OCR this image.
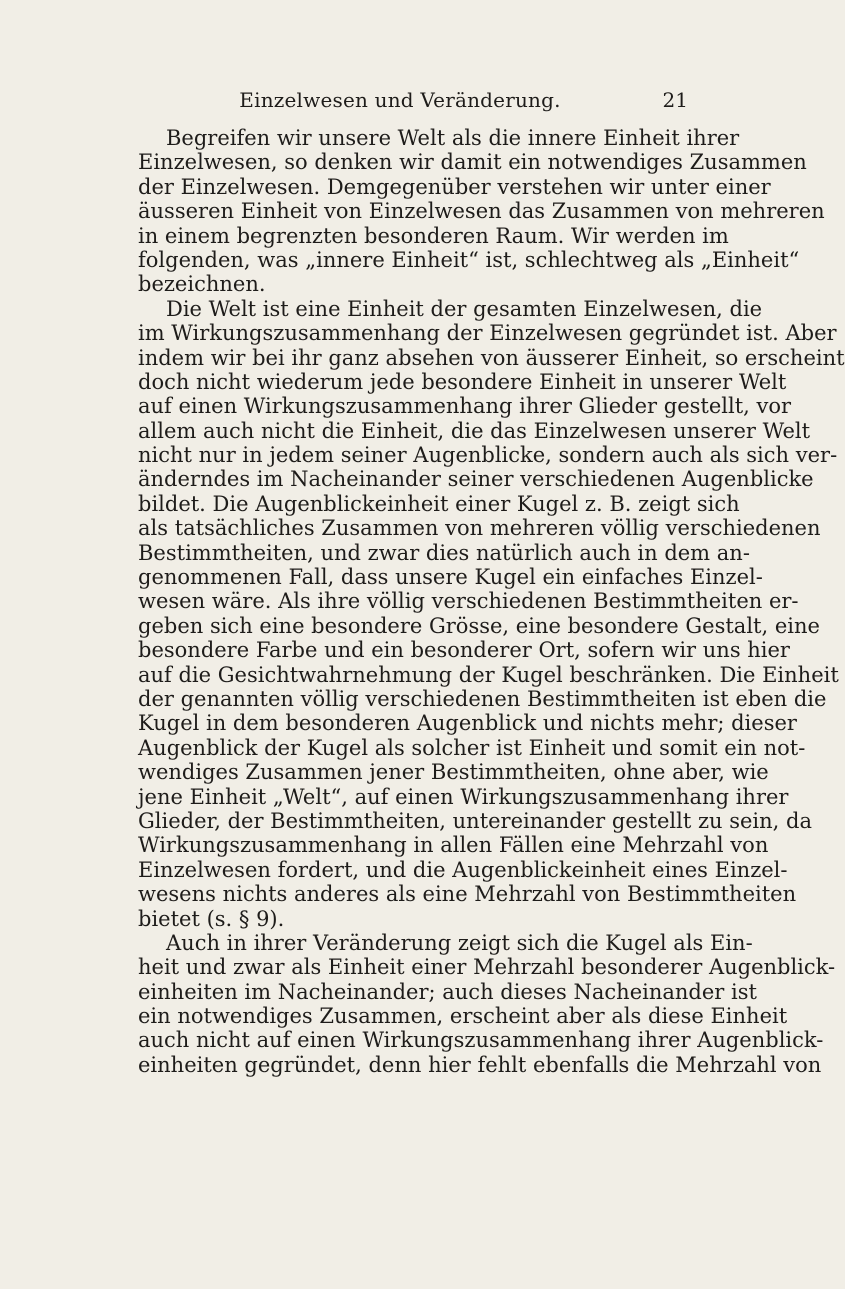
Einzelwesen und Veränderung.	21
Begreifen wir unsere Welt als die innere Einheit ihrer
Einzelwesen, so denken wir damit ein notwendiges Zusammen
der Einzelwesen. Demgegenüber verstehen wir unter einer
äusseren Einheit von Einzelwesen das Zusammen von mehreren
in einem begrenzten besonderen Raum. Wir werden im
folgenden, was „innere Einheit“ ist, schlechtweg als „Einheit“
bezeichnen.
Die Welt ist eine Einheit der gesamten Einzelwesen, die
im Wirkungszusammenhang der Einzelwesen gegründet ist. Aber
indem wir bei ihr ganz absehen von äusserer Einheit, so erscheint
doch nicht wiederum jede besondere Einheit in unserer Welt
auf einen Wirkungszusammenhang ihrer Glieder gestellt, vor
allem auch nicht die Einheit, die das Einzelwesen unserer Welt
nicht nur in jedem seiner Augenblicke, sondern auch als sich ver-
änderndes im Nacheinander seiner verschiedenen Augenblicke
bildet. Die Augenblickeinheit einer Kugel z. B. zeigt sich
als tatsächliches Zusammen von mehreren völlig verschiedenen
Bestimmtheiten, und zwar dies natürlich auch in dem an-
genommenen Fall, dass unsere Kugel ein einfaches Einzel-
wesen wäre. Als ihre völlig verschiedenen Bestimmtheiten er-
geben sich eine besondere Grösse, eine besondere Gestalt, eine
besondere Farbe und ein besonderer Ort, sofern wir uns hier
auf die Gesichtwahrnehmung der Kugel beschränken. Die Einheit
der genannten völlig verschiedenen Bestimmtheiten ist eben die
Kugel in dem besonderen Augenblick und nichts mehr; dieser
Augenblick der Kugel als solcher ist Einheit und somit ein not-
wendiges Zusammen jener Bestimmtheiten, ohne aber, wie
jene Einheit „Welt“, auf einen Wirkungszusammenhang ihrer
Glieder, der Bestimmtheiten, untereinander gestellt zu sein, da
Wirkungszusammenhang in allen Fällen eine Mehrzahl von
Einzelwesen fordert, und die Augenblickeinheit eines Einzel-
wesens nichts anderes als eine Mehrzahl von Bestimmtheiten
bietet (s. § 9).
Auch in ihrer Veränderung zeigt sich die Kugel als Ein-
heit und zwar als Einheit einer Mehrzahl besonderer Augenblick-
einheiten im Nacheinander; auch dieses Nacheinander ist
ein notwendiges Zusammen, erscheint aber als diese Einheit
auch nicht auf einen Wirkungszusammenhang ihrer Augenblick-
einheiten gegründet, denn hier fehlt ebenfalls die Mehrzahl von
